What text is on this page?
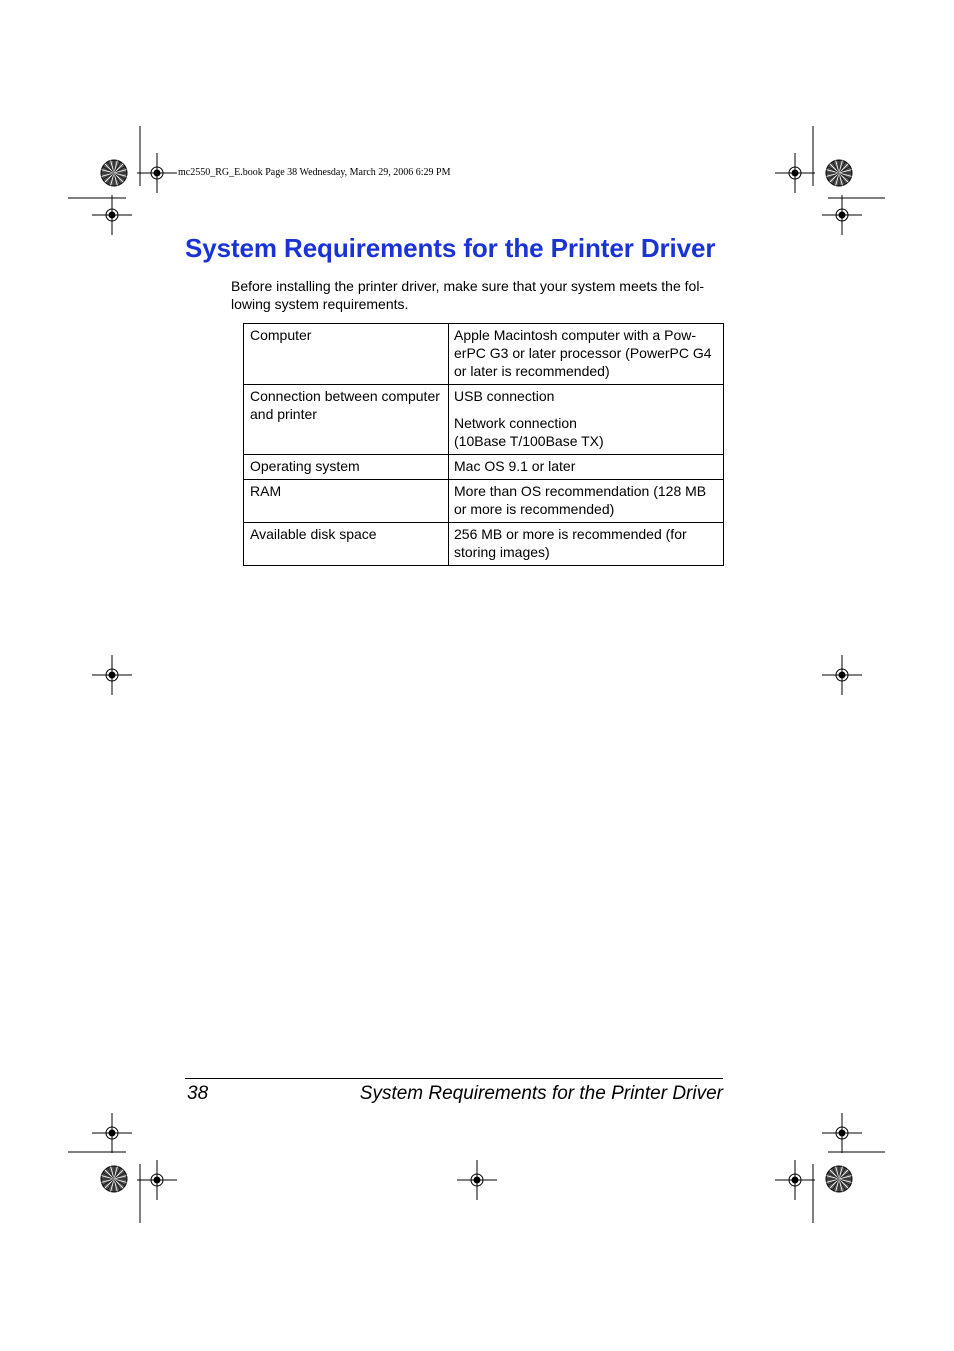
mc2550_RG_E.book Page 38 Wednesday, March 29, 2006 6:29 PM
System Requirements for the Printer Driver

Before installing the printer driver, make sure that your system meets the fol-
lowing system requirements.

Computer	Apple Macintosh computer with a Pow-
erPC G3 or later processor (PowerPC G4
or later is recommended)

Connection between computer
and printer	USB connection
Network connection
(10Base T/100Base TX)

Operating system	Mac OS 9.1 or later

RAM	More than OS recommendation (128 MB
or more is recommended)

Available disk space	256 MB or more is recommended (for
storing images)
38	System Requirements for the Printer Driver
